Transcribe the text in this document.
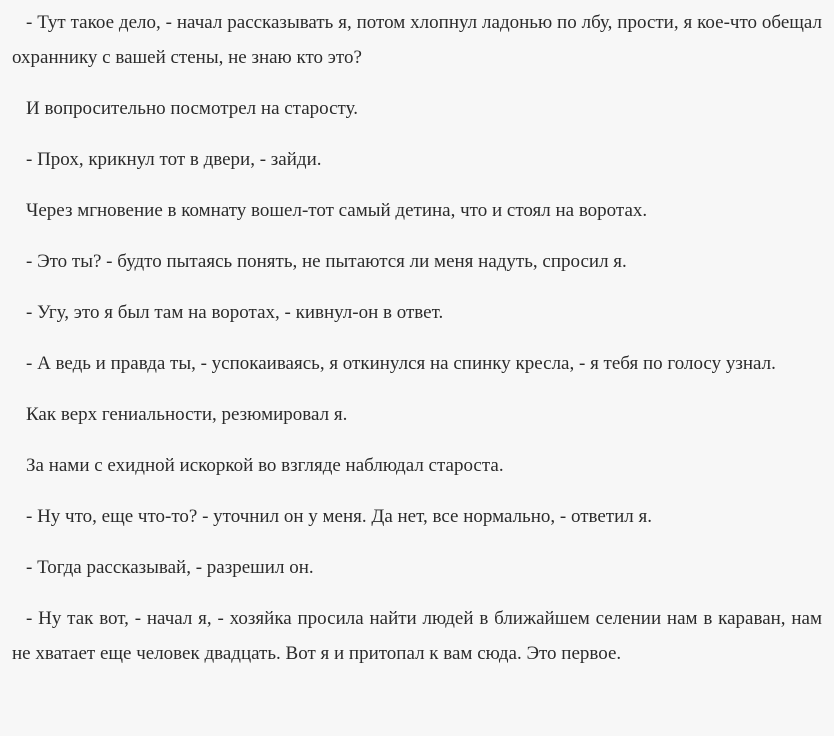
- Тут такое дело, - начал рассказывать я, потом хлопнул ладонью по лбу, прости, я кое-что обещал охраннику с вашей стены, не знаю кто это?

И вопросительно посмотрел на старосту.

- Прох, крикнул тот в двери, - зайди.

Через мгновение в комнату вошел-тот самый детина, что и стоял на воротах.

- Это ты? - будто пытаясь понять, не пытаются ли меня надуть, спросил я.

- Угу, это я был там на воротах, - кивнул-он в ответ.

- А ведь и правда ты, - успокаиваясь, я откинулся на спинку кресла, - я тебя по голосу узнал.

Как верх гениальности, резюмировал я.

За нами с ехидной искоркой во взгляде наблюдал староста.

- Ну что, еще что-то? - уточнил он у меня. Да нет, все нормально, - ответил я.

- Тогда рассказывай, - разрешил он.

- Ну так вот, - начал я, - хозяйка просила найти людей в ближайшем селении нам в караван, нам не хватает еще человек двадцать. Вот я и притопал к вам сюда. Это первое.
